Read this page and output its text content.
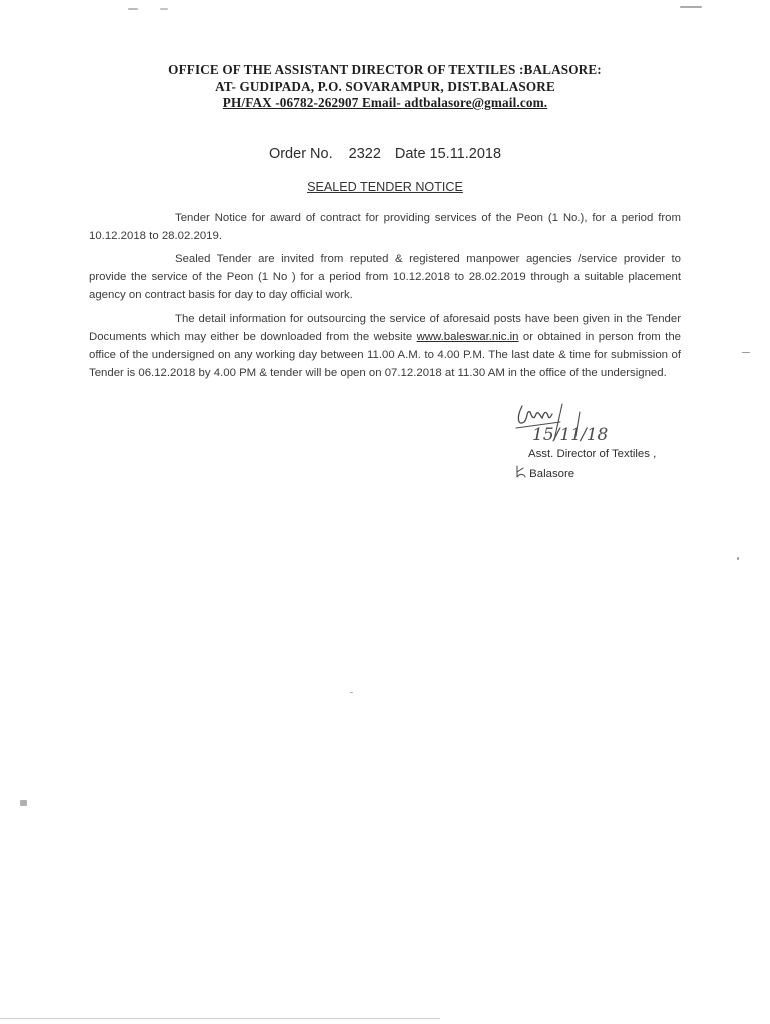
OFFICE OF THE ASSISTANT DIRECTOR OF TEXTILES :BALASORE:
AT- GUDIPADA, P.O. SOVARAMPUR, DIST.BALASORE
PH/FAX -06782-262907 Email- adtbalasore@gmail.com.
Order No. 2322 Date 15.11.2018
SEALED TENDER NOTICE

Tender Notice for award of contract for providing services of the Peon (1 No.), for a period from 10.12.2018 to 28.02.2019.

Sealed Tender are invited from reputed & registered manpower agencies /service provider to provide the service of the Peon (1 No ) for a period from 10.12.2018 to 28.02.2019 through a suitable placement agency on contract basis for day to day official work.

The detail information for outsourcing the service of aforesaid posts have been given in the Tender Documents which may either be downloaded from the website www.baleswar.nic.in or obtained in person from the office of the undersigned on any working day between 11.00 A.M. to 4.00 P.M. The last date & time for submission of Tender is 06.12.2018 by 4.00 PM & tender will be open on 07.12.2018 at 11.30 AM in the office of the undersigned.

15/11/18
Asst. Director of Textiles ,
Balasore
